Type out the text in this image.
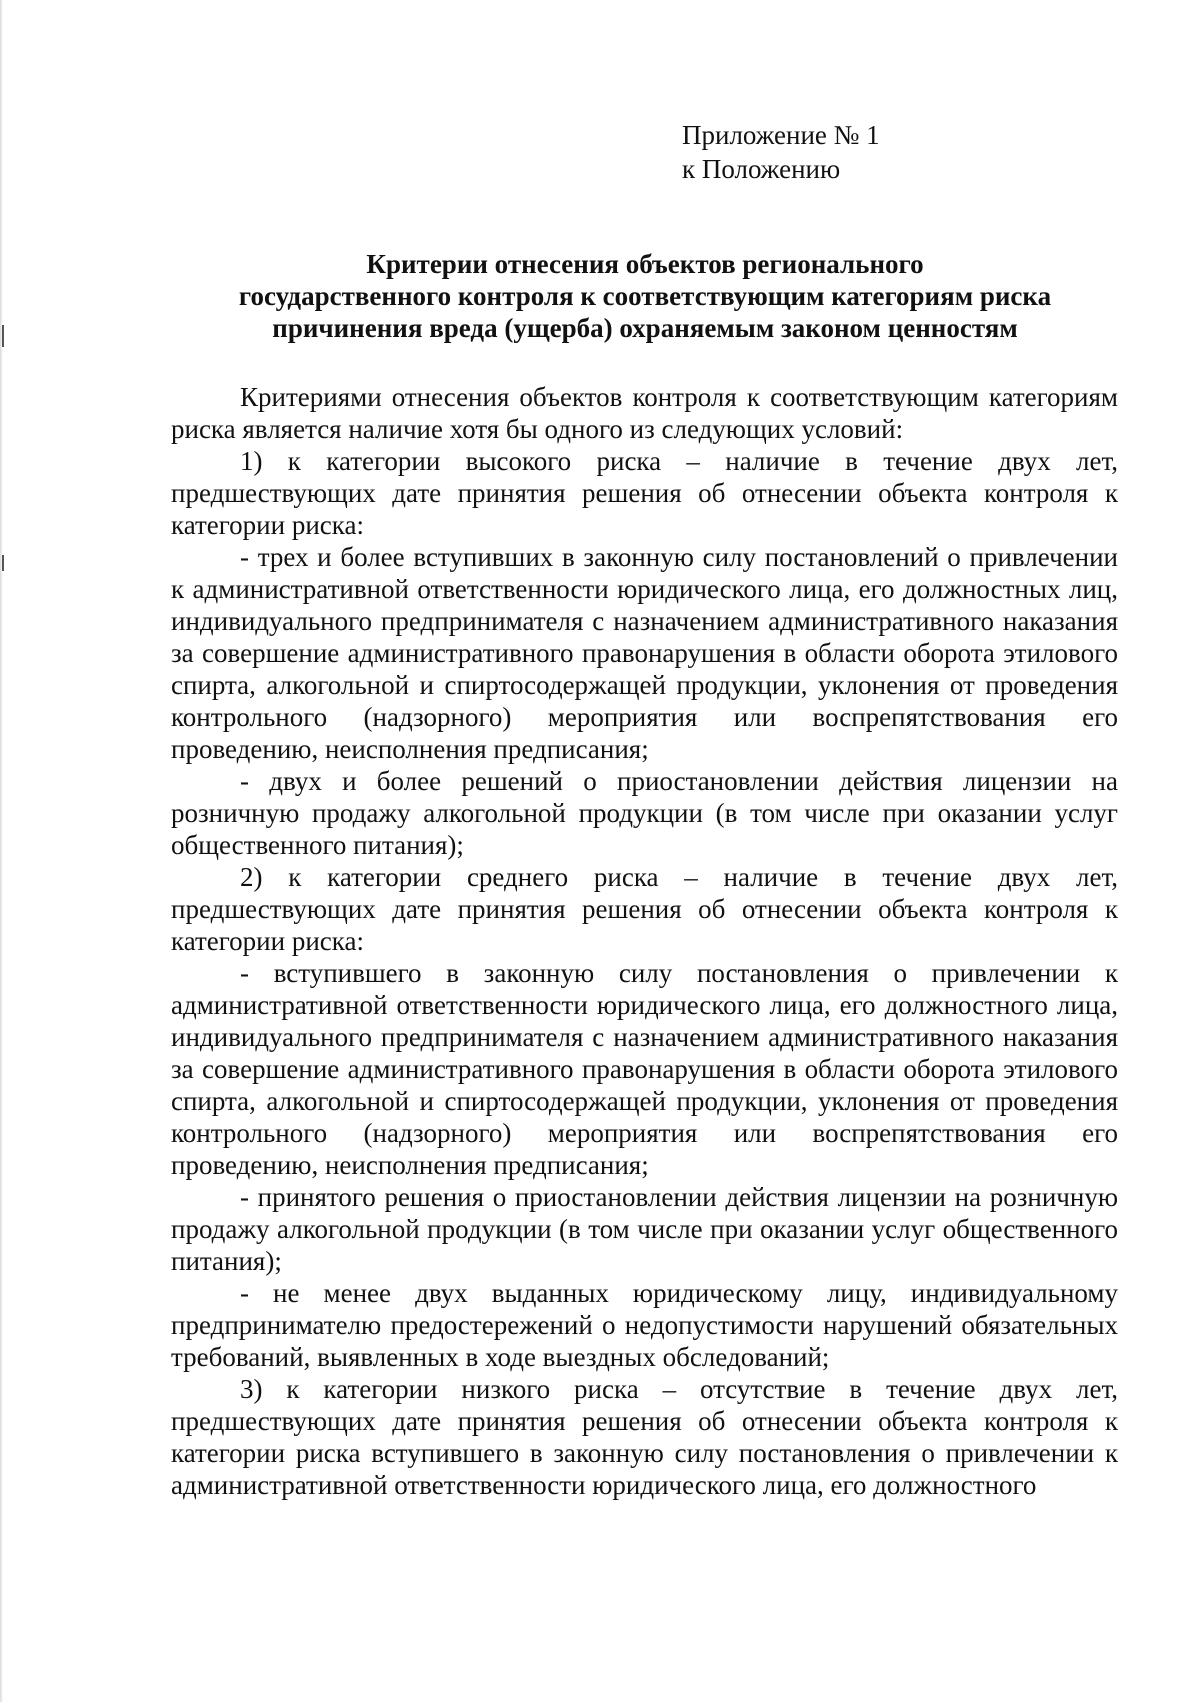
Приложение № 1
к Положению
Критерии отнесения объектов регионального
государственного контроля к соответствующим категориям риска
причинения вреда (ущерба) охраняемым законом ценностям

Критериями отнесения объектов контроля к соответствующим категориям риска является наличие хотя бы одного из следующих условий:

1) к категории высокого риска – наличие в течение двух лет, предшествующих дате принятия решения об отнесении объекта контроля к категории риска:

- трех и более вступивших в законную силу постановлений о привлечении к административной ответственности юридического лица, его должностных лиц, индивидуального предпринимателя с назначением административного наказания за совершение административного правонарушения в области оборота этилового спирта, алкогольной и спиртосодержащей продукции, уклонения от проведения контрольного (надзорного) мероприятия или воспрепятствования его проведению, неисполнения предписания;

- двух и более решений о приостановлении действия лицензии на розничную продажу алкогольной продукции (в том числе при оказании услуг общественного питания);

2) к категории среднего риска – наличие в течение двух лет, предшествующих дате принятия решения об отнесении объекта контроля к категории риска:

- вступившего в законную силу постановления о привлечении к административной ответственности юридического лица, его должностного лица, индивидуального предпринимателя с назначением административного наказания за совершение административного правонарушения в области оборота этилового спирта, алкогольной и спиртосодержащей продукции, уклонения от проведения контрольного (надзорного) мероприятия или воспрепятствования его проведению, неисполнения предписания;

- принятого решения о приостановлении действия лицензии на розничную продажу алкогольной продукции (в том числе при оказании услуг общественного питания);

- не менее двух выданных юридическому лицу, индивидуальному предпринимателю предостережений о недопустимости нарушений обязательных требований, выявленных в ходе выездных обследований;

3) к категории низкого риска – отсутствие в течение двух лет, предшествующих дате принятия решения об отнесении объекта контроля к категории риска вступившего в законную силу постановления о привлечении к административной ответственности юридического лица, его должностного
